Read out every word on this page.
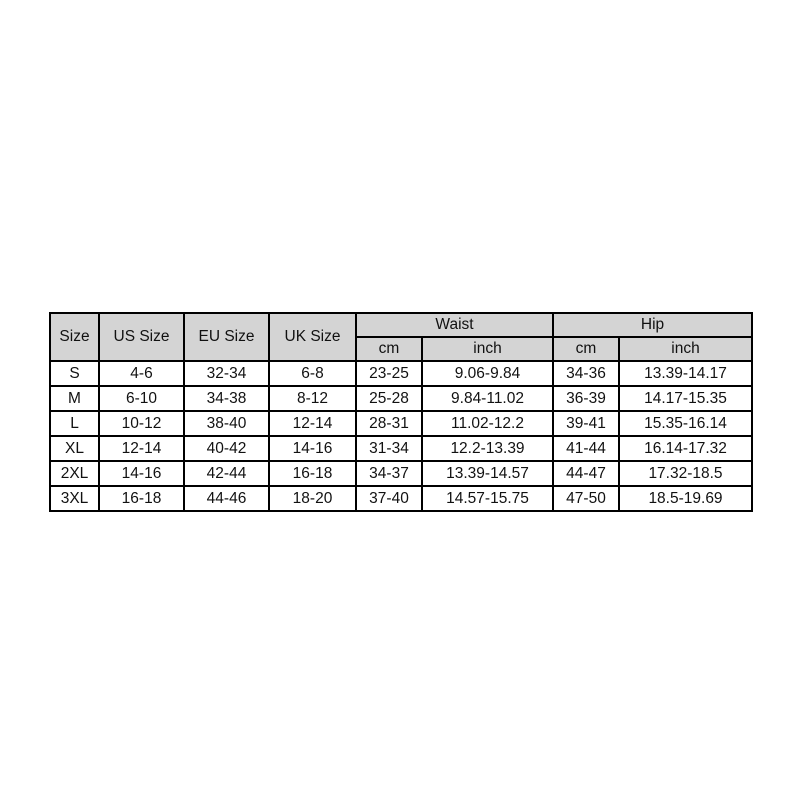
Size	US Size	EU Size	UK Size	Waist		Hip	
				cm	inch	cm	inch
S	4-6	32-34	6-8	23-25	9.06-9.84	34-36	13.39-14.17
M	6-10	34-38	8-12	25-28	9.84-11.02	36-39	14.17-15.35
L	10-12	38-40	12-14	28-31	11.02-12.2	39-41	15.35-16.14
XL	12-14	40-42	14-16	31-34	12.2-13.39	41-44	16.14-17.32
2XL	14-16	42-44	16-18	34-37	13.39-14.57	44-47	17.32-18.5
3XL	16-18	44-46	18-20	37-40	14.57-15.75	47-50	18.5-19.69
